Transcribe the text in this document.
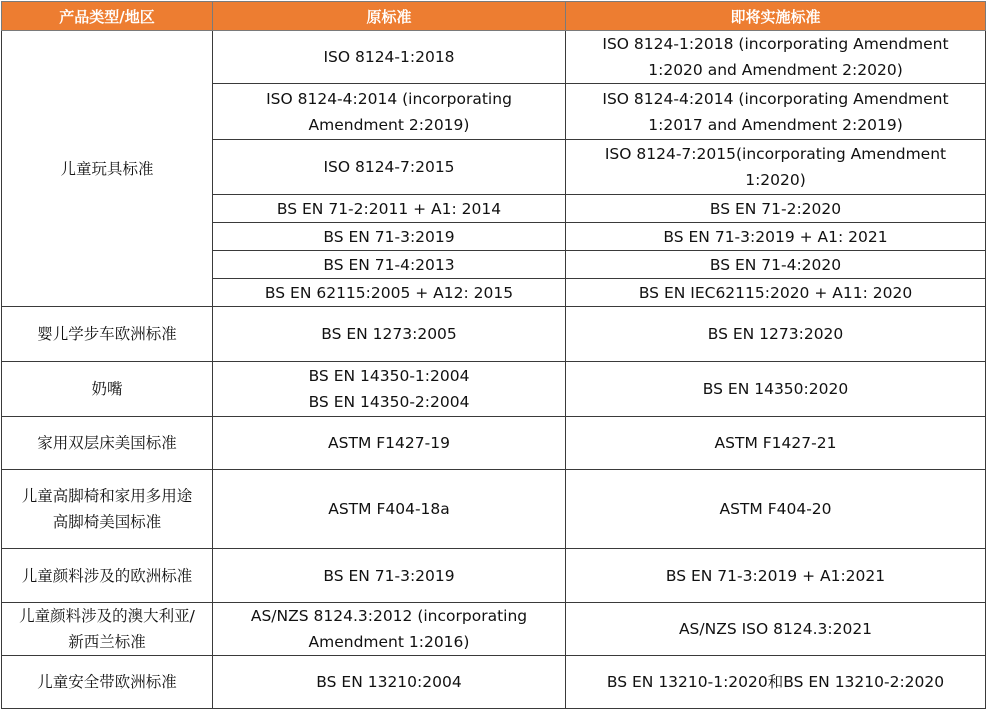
产品类型/地区	原标准	即将实施标准

儿童玩具标准	ISO 8124-1:2018	ISO 8124-1:2018 (incorporating Amendment
1:2020 and Amendment 2:2020)

	ISO 8124-4:2014 (incorporating
Amendment 2:2019)	ISO 8124-4:2014 (incorporating Amendment
1:2017 and Amendment 2:2019)

	ISO 8124-7:2015	ISO 8124-7:2015(incorporating Amendment
1:2020)

	BS EN 71-2:2011 + A1: 2014	BS EN 71-2:2020

	BS EN 71-3:2019	BS EN 71-3:2019 + A1: 2021

	BS EN 71-4:2013	BS EN 71-4:2020

	BS EN 62115:2005 + A12: 2015	BS EN IEC62115:2020 + A11: 2020

婴儿学步车欧洲标准	BS EN 1273:2005	BS EN 1273:2020

奶嘴	BS EN 14350-1:2004
BS EN 14350-2:2004	BS EN 14350:2020

家用双层床美国标准	ASTM F1427-19	ASTM F1427-21

儿童高脚椅和家用多用途
高脚椅美国标准	ASTM F404-18a	ASTM F404-20

儿童颜料涉及的欧洲标准	BS EN 71-3:2019	BS EN 71-3:2019 + A1:2021

儿童颜料涉及的澳大利亚/
新西兰标准	AS/NZS 8124.3:2012 (incorporating
Amendment 1:2016)	AS/NZS ISO 8124.3:2021

儿童安全带欧洲标准	BS EN 13210:2004	BS EN 13210-1:2020和BS EN 13210-2:2020
